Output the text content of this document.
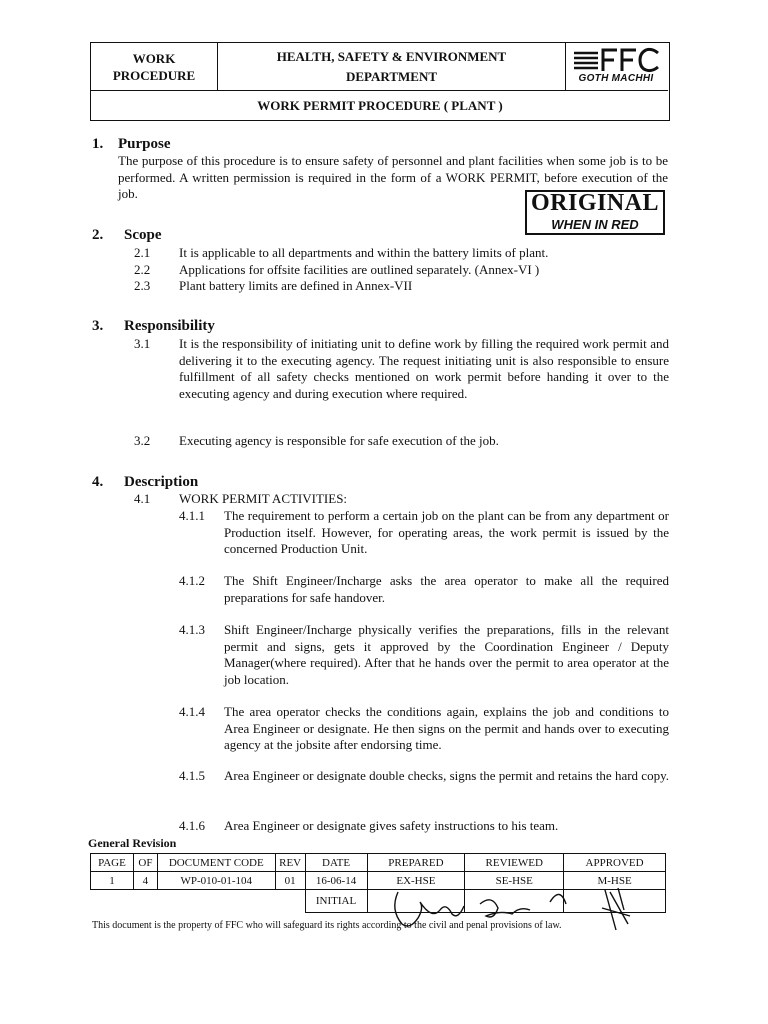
WORK
PROCEDURE
HEALTH, SAFETY & ENVIRONMENT
DEPARTMENT	GOTH MACHHI
WORK PERMIT PROCEDURE ( PLANT )
1. Purpose
The purpose of this procedure is to ensure safety of personnel and plant facilities when some job is to be performed. A written permission is required in the form of a WORK PERMIT, before execution of the job.	ORIGINAL
WHEN IN RED
2. Scope
2.1 It is applicable to all departments and within the battery limits of plant.
2.2 Applications for offsite facilities are outlined separately. (Annex-VI )
2.3 Plant battery limits are defined in Annex-VII
3. Responsibility
3.1 It is the responsibility of initiating unit to define work by filling the required work permit and delivering it to the executing agency. The request initiating unit is also responsible to ensure fulfillment of all safety checks mentioned on work permit before handing it over to the executing agency and during execution where required.
3.2 Executing agency is responsible for safe execution of the job.
4. Description
4.1 WORK PERMIT ACTIVITIES:
4.1.1 The requirement to perform a certain job on the plant can be from any department or Production itself. However, for operating areas, the work permit is issued by the concerned Production Unit.
4.1.2 The Shift Engineer/Incharge asks the area operator to make all the required preparations for safe handover.
4.1.3 Shift Engineer/Incharge physically verifies the preparations, fills in the relevant permit and signs, gets it approved by the Coordination Engineer / Deputy Manager(where required). After that he hands over the permit to area operator at the job location.
4.1.4 The area operator checks the conditions again, explains the job and conditions to Area Engineer or designate. He then signs on the permit and hands over to executing agency at the jobsite after endorsing time.
4.1.5 Area Engineer or designate double checks, signs the permit and retains the hard copy.
4.1.6 Area Engineer or designate gives safety instructions to his team.
General Revision
PAGE	OF	DOCUMENT CODE	REV	DATE	PREPARED	REVIEWED	APPROVED
1	4	WP-010-01-104	01	16-06-14	EX-HSE	SE-HSE	M-HSE
				INITIAL			
This document is the property of FFC who will safeguard its rights according to the civil and penal provisions of law.
